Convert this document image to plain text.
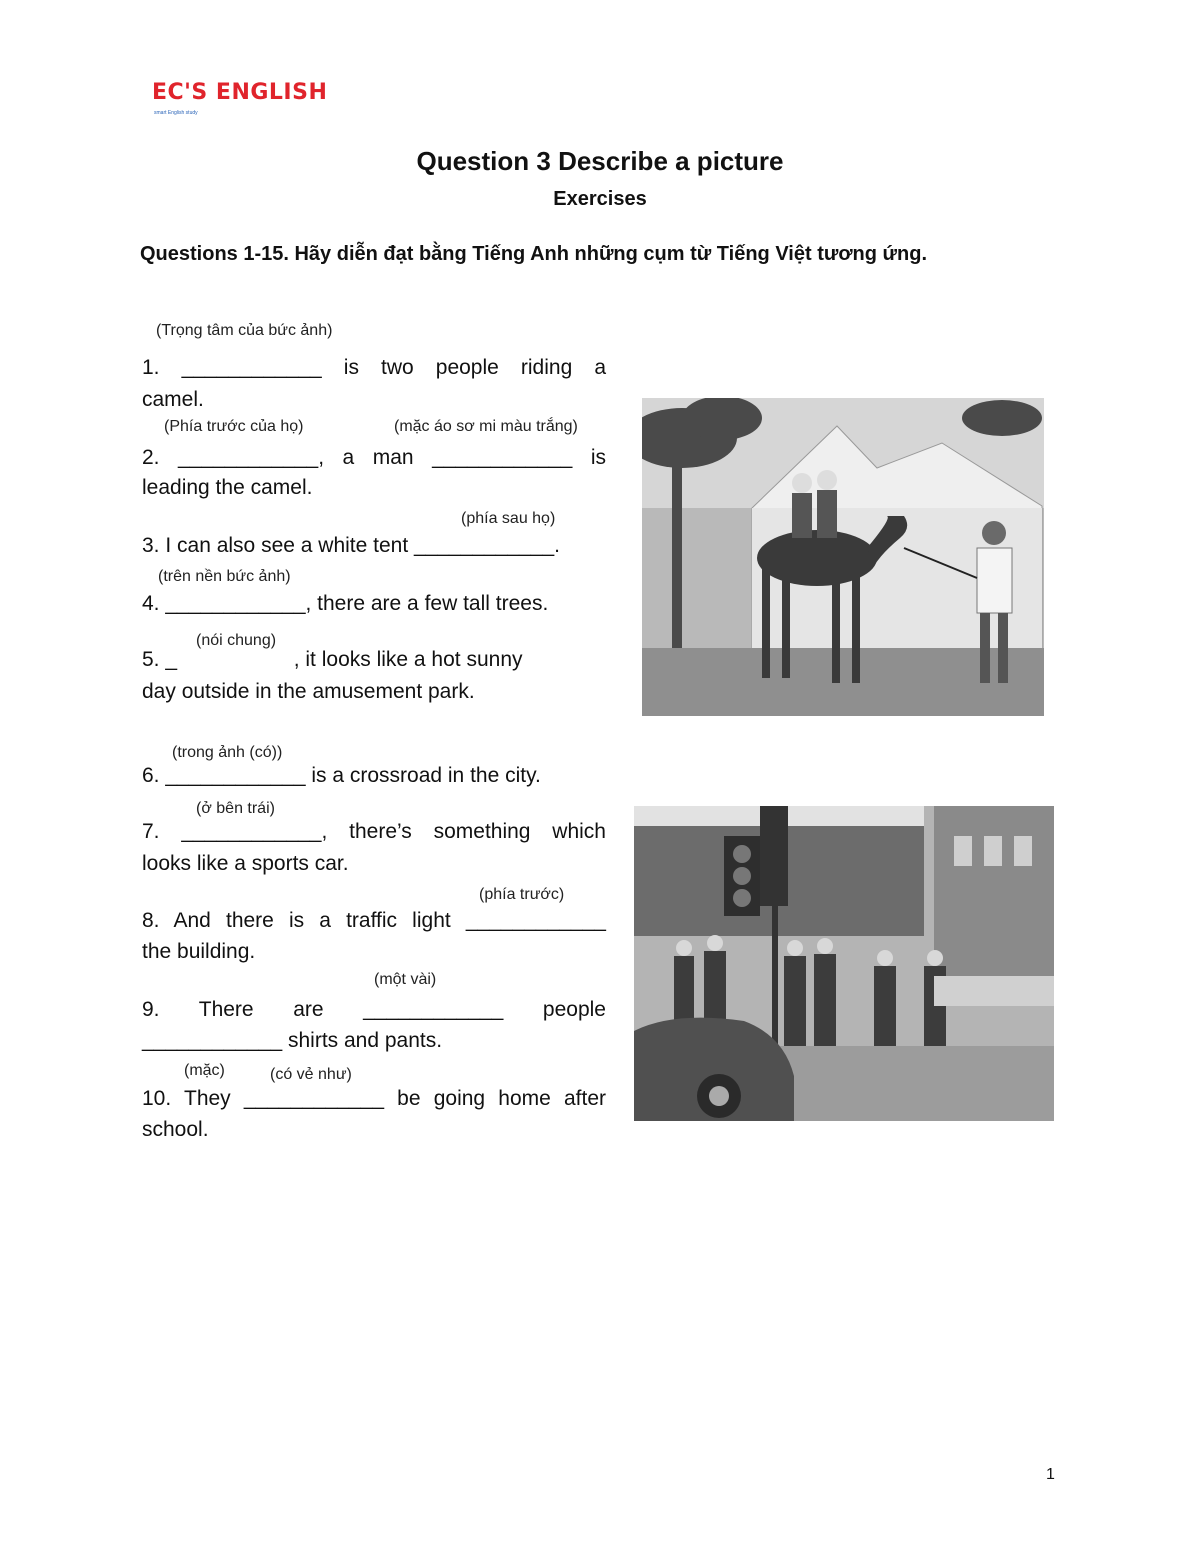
EC'S ENGLISH
smart English study
Question 3 Describe a picture
Exercises
Questions 1-15. Hãy diễn đạt bằng Tiếng Anh những cụm từ Tiếng Việt tương ứng.
(Trọng tâm của bức ảnh)
1. ____________ is two people riding a
camel.
(Phía trước của họ)	(mặc áo sơ mi màu trắng)
2. ____________, a man ____________ is
leading the camel.
(phía sau họ)
3. I can also see a white tent ____________.
(trên nền bức ảnh)
4. ____________, there are a few tall trees.
(nói chung)
5. _                    , it looks like a hot sunny
day outside in the amusement park.
(trong ảnh (có))
6. ____________ is a crossroad in the city.
(ở bên trái)
7. ____________, there’s something which
looks like a sports car.
(phía trước)
8. And there is a traffic light ____________
the building.
(một vài)
9. There are ____________ people
____________ shirts and pants.
(mặc)	(có vẻ như)
10. They ____________ be going home after
school.
1
